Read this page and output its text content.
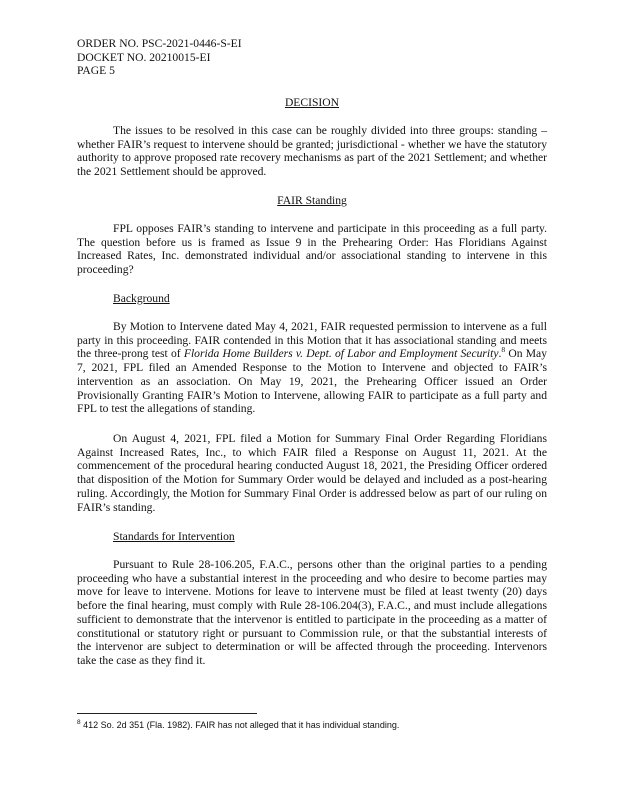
ORDER NO. PSC-2021-0446-S-EI
DOCKET NO. 20210015-EI
PAGE 5
DECISION

The issues to be resolved in this case can be roughly divided into three groups: standing – whether FAIR’s request to intervene should be granted; jurisdictional - whether we have the statutory authority to approve proposed rate recovery mechanisms as part of the 2021 Settlement; and whether the 2021 Settlement should be approved.

FAIR Standing

FPL opposes FAIR’s standing to intervene and participate in this proceeding as a full party. The question before us is framed as Issue 9 in the Prehearing Order: Has Floridians Against Increased Rates, Inc. demonstrated individual and/or associational standing to intervene in this proceeding?

Background

By Motion to Intervene dated May 4, 2021, FAIR requested permission to intervene as a full party in this proceeding. FAIR contended in this Motion that it has associational standing and meets the three-prong test of Florida Home Builders v. Dept. of Labor and Employment Security.$^8$ On May 7, 2021, FPL filed an Amended Response to the Motion to Intervene and objected to FAIR’s intervention as an association. On May 19, 2021, the Prehearing Officer issued an Order Provisionally Granting FAIR’s Motion to Intervene, allowing FAIR to participate as a full party and FPL to test the allegations of standing.

On August 4, 2021, FPL filed a Motion for Summary Final Order Regarding Floridians Against Increased Rates, Inc., to which FAIR filed a Response on August 11, 2021. At the commencement of the procedural hearing conducted August 18, 2021, the Presiding Officer ordered that disposition of the Motion for Summary Order would be delayed and included as a post-hearing ruling. Accordingly, the Motion for Summary Final Order is addressed below as part of our ruling on FAIR’s standing.

Standards for Intervention

Pursuant to Rule 28-106.205, F.A.C., persons other than the original parties to a pending proceeding who have a substantial interest in the proceeding and who desire to become parties may move for leave to intervene. Motions for leave to intervene must be filed at least twenty (20) days before the final hearing, must comply with Rule 28-106.204(3), F.A.C., and must include allegations sufficient to demonstrate that the intervenor is entitled to participate in the proceeding as a matter of constitutional or statutory right or pursuant to Commission rule, or that the substantial interests of the intervenor are subject to determination or will be affected through the proceeding. Intervenors take the case as they find it.

$^8$ 412 So. 2d 351 (Fla. 1982). FAIR has not alleged that it has individual standing.
